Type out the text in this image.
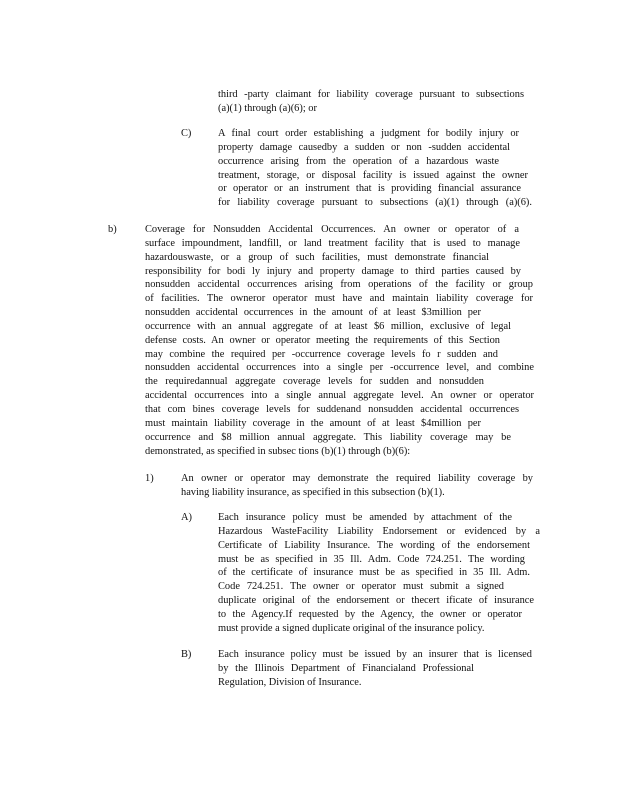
third -party claimant for liability coverage pursuant to subsections
(a)(1) through (a)(6); or
C)	A final court order establishing a judgment for bodily injury or
property damage causedby a sudden or non -sudden accidental
occurrence arising from the operation of a hazardous waste
treatment, storage, or disposal facility is issued against the owner
or operator or an instrument that is providing financial assurance
for liability coverage pursuant to subsections (a)(1) through (a)(6).
b)	Coverage for Nonsudden Accidental Occurrences. An owner or operator of a
surface impoundment, landfill, or land treatment facility that is used to manage
hazardouswaste, or a group of such facilities, must demonstrate financial
responsibility for bodi ly injury and property damage to third parties caused by
nonsudden accidental occurrences arising from operations of the facility or group
of facilities. The owneror operator must have and maintain liability coverage for
nonsudden accidental occurrences in the amount of at least $3million per
occurrence with an annual aggregate of at least $6 million, exclusive of legal
defense costs. An owner or operator meeting the requirements of this Section
may combine the required per -occurrence coverage levels fo r sudden and
nonsudden accidental occurrences into a single per -occurrence level, and combine
the requiredannual aggregate coverage levels for sudden and nonsudden
accidental occurrences into a single annual aggregate level. An owner or operator
that com bines coverage levels for suddenand nonsudden accidental occurrences
must maintain liability coverage in the amount of at least $4million per
occurrence and $8 million annual aggregate. This liability coverage may be
demonstrated, as specified in subsec tions (b)(1) through (b)(6):
1)	An owner or operator may demonstrate the required liability coverage by
having liability insurance, as specified in this subsection (b)(1).
A)	Each insurance policy must be amended by attachment of the
Hazardous WasteFacility Liability Endorsement or evidenced by a
Certificate of Liability Insurance. The wording of the endorsement
must be as specified in 35 Ill. Adm. Code 724.251. The wording
of the certificate of insurance must be as specified in 35 Ill. Adm.
Code 724.251. The owner or operator must submit a signed
duplicate original of the endorsement or thecert ificate of insurance
to the Agency.If requested by the Agency, the owner or operator
must provide a signed duplicate original of the insurance policy.
B)	Each insurance policy must be issued by an insurer that is licensed
by the Illinois Department of Financialand Professional
Regulation, Division of Insurance.
